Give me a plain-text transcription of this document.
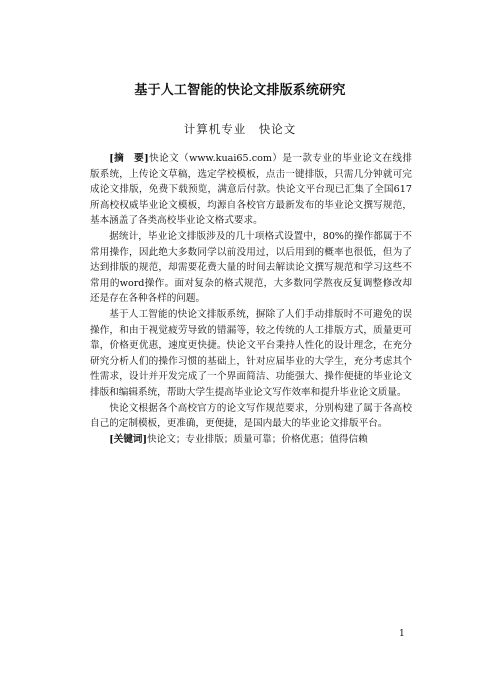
基于人工智能的快论文排版系统研究
计算机专业　快论文

[摘　要]快论文（www.kuai65.com）是一款专业的毕业论文在线排版系统，上传论文草稿，选定学校模板，点击一键排版，只需几分钟就可完成论文排版，免费下载预览，满意后付款。快论文平台现已汇集了全国617所高校权威毕业论文模板，均源自各校官方最新发布的毕业论文撰写规范，基本涵盖了各类高校毕业论文格式要求。

据统计，毕业论文排版涉及的几十项格式设置中，80%的操作都属于不常用操作，因此绝大多数同学以前没用过，以后用到的概率也很低，但为了达到排版的规范，却需要花费大量的时间去解读论文撰写规范和学习这些不常用的word操作。面对复杂的格式规范，大多数同学熬夜反复调整修改却还是存在各种各样的问题。

基于人工智能的快论文排版系统，摒除了人们手动排版时不可避免的误操作，和由于视觉疲劳导致的错漏等，较之传统的人工排版方式，质量更可靠，价格更优惠，速度更快捷。快论文平台秉持人性化的设计理念，在充分研究分析人们的操作习惯的基础上，针对应届毕业的大学生，充分考虑其个性需求，设计并开发完成了一个界面简洁、功能强大、操作便捷的毕业论文排版和编辑系统，帮助大学生提高毕业论文写作效率和提升毕业论文质量。

快论文根据各个高校官方的论文写作规范要求，分别构建了属于各高校自己的定制模板，更准确，更便捷，是国内最大的毕业论文排版平台。

[关键词]快论文；专业排版；质量可靠；价格优惠；值得信赖

1
